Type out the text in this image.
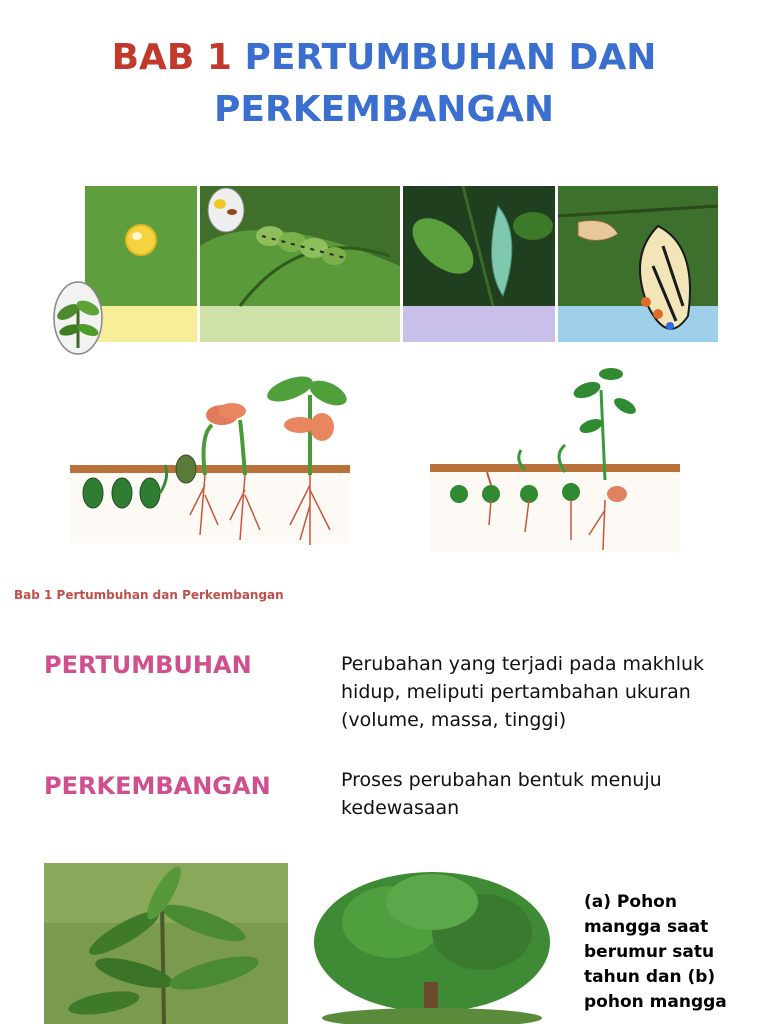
BAB 1 PERTUMBUHAN DAN
PERKEMBANGAN
Bab 1 Pertumbuhan dan Perkembangan
PERTUMBUHAN	Perubahan yang terjadi pada makhluk
hidup, meliputi pertambahan ukuran
(volume, massa, tinggi)
PERKEMBANGAN	Proses perubahan bentuk menuju
kedewasaan
(a) Pohon
mangga saat
berumur satu
tahun dan (b)
pohon mangga
